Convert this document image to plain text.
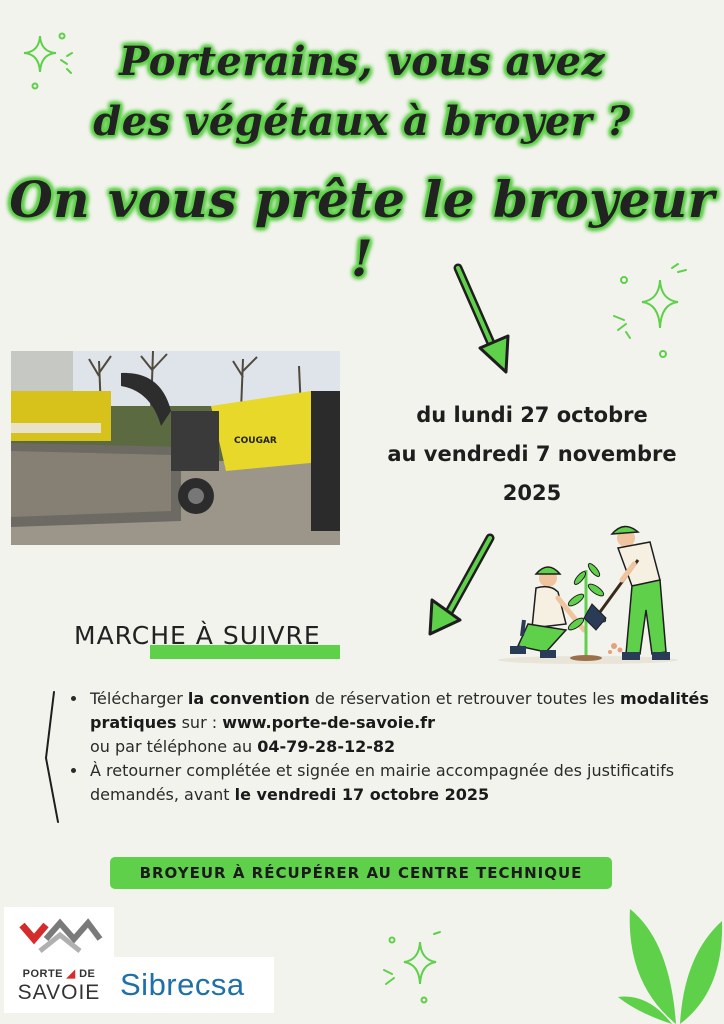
Porterains, vous avez
des végétaux à broyer ?
On vous prête le broyeur !
COUGAR
du lundi 27 octobre
au vendredi 7 novembre
2025
MARCHE À SUIVRE
• Télécharger la convention de réservation et retrouver toutes les modalités pratiques sur : www.porte-de-savoie.fr
ou par téléphone au 04-79-28-12-82
• À retourner complétée et signée en mairie accompagnée des justificatifs demandés, avant le vendredi 17 octobre 2025
BROYEUR À RÉCUPÉRER AU CENTRE TECHNIQUE
PORTE ◢ DE
SAVOIE Sibrecsa
